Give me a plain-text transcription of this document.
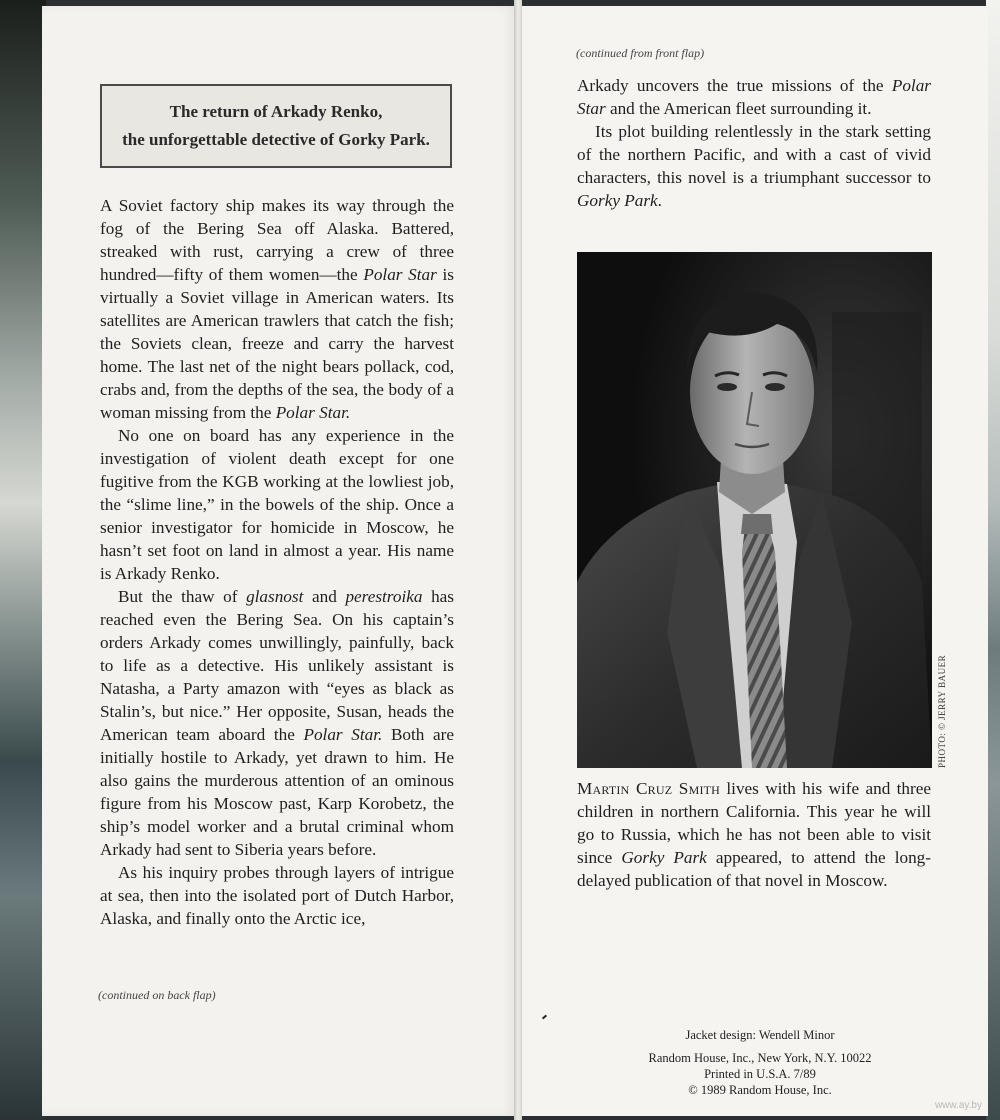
The return of Arkady Renko,
the unforgettable detective of Gorky Park.

A Soviet factory ship makes its way through the fog of the Bering Sea off Alaska. Battered, streaked with rust, carrying a crew of three hundred—fifty of them women—the Polar Star is virtually a Soviet village in American waters. Its satellites are American trawlers that catch the fish; the Soviets clean, freeze and carry the harvest home. The last net of the night bears pollack, cod, crabs and, from the depths of the sea, the body of a woman missing from the Polar Star.

No one on board has any experience in the investigation of violent death except for one fugitive from the KGB working at the lowliest job, the “slime line,” in the bowels of the ship. Once a senior investigator for homicide in Moscow, he hasn’t set foot on land in almost a year. His name is Arkady Renko.

But the thaw of glasnost and perestroika has reached even the Bering Sea. On his captain’s orders Arkady comes unwillingly, painfully, back to life as a detective. His unlikely assistant is Natasha, a Party amazon with “eyes as black as Stalin’s, but nice.” Her opposite, Susan, heads the American team aboard the Polar Star. Both are initially hostile to Arkady, yet drawn to him. He also gains the murderous attention of an ominous figure from his Moscow past, Karp Korobetz, the ship’s model worker and a brutal criminal whom Arkady had sent to Siberia years before.

As his inquiry probes through layers of intrigue at sea, then into the isolated port of Dutch Harbor, Alaska, and finally onto the Arctic ice,

(continued on back flap)
(continued from front flap)

Arkady uncovers the true missions of the Polar Star and the American fleet surrounding it.

Its plot building relentlessly in the stark setting of the northern Pacific, and with a cast of vivid characters, this novel is a triumphant successor to Gorky Park.

PHOTO: © JERRY BAUER

Martin Cruz Smith lives with his wife and three children in northern California. This year he will go to Russia, which he has not been able to visit since Gorky Park appeared, to attend the long-delayed publication of that novel in Moscow.

Jacket design: Wendell Minor
Random House, Inc., New York, N.Y. 10022
Printed in U.S.A. 7/89
© 1989 Random House, Inc.
www.ay.by
